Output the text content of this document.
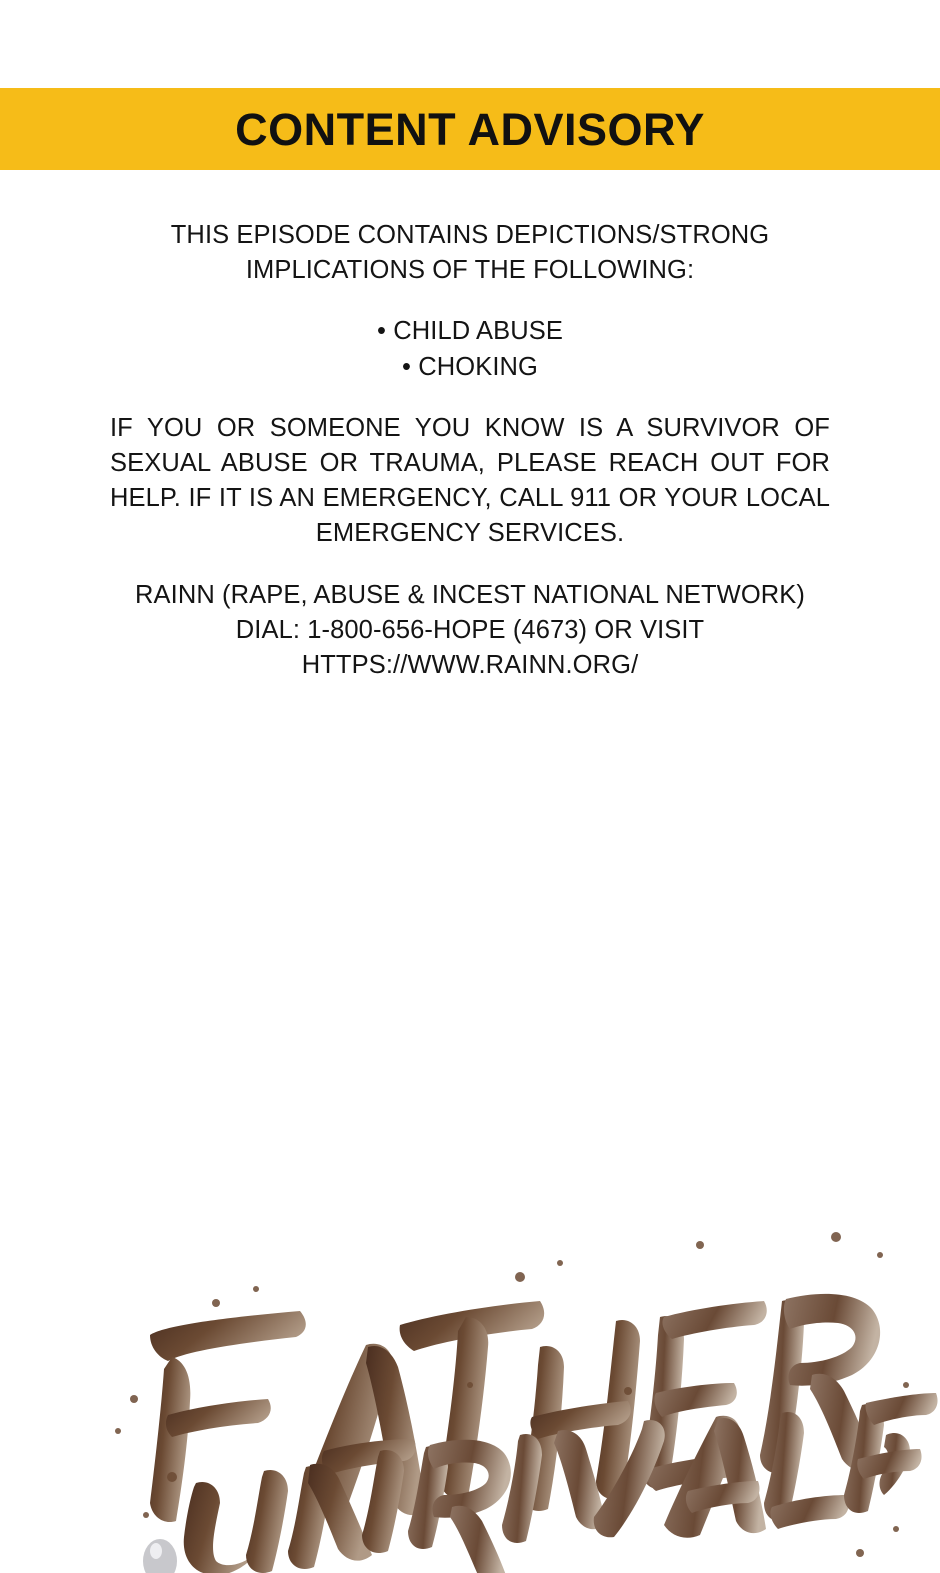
CONTENT ADVISORY

THIS EPISODE CONTAINS DEPICTIONS/STRONG
IMPLICATIONS OF THE FOLLOWING:

• CHILD ABUSE
• CHOKING

IF YOU OR SOMEONE YOU KNOW IS A SURVIVOR OF SEXUAL ABUSE OR TRAUMA, PLEASE REACH OUT FOR HELP. IF IT IS AN EMERGENCY, CALL 911 OR YOUR LOCAL EMERGENCY SERVICES.

RAINN (RAPE, ABUSE & INCEST NATIONAL NETWORK)
DIAL: 1-800-656-HOPE (4673) OR VISIT
HTTPS://WWW.RAINN.ORG/
